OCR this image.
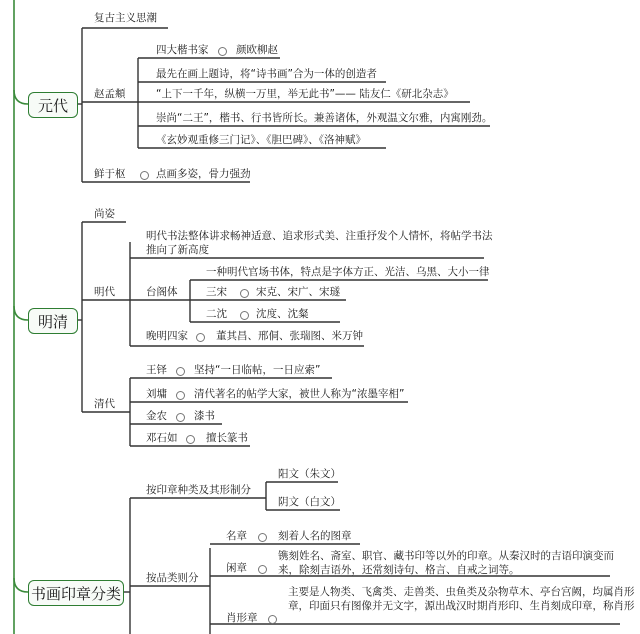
元代
复古主义思潮
赵孟頫
四大楷书家	颜欧柳赵
最先在画上题诗，将“诗书画”合为一体的创造者
“上下一千年，纵横一万里，举无此书”—— 陆友仁《研北杂志》
崇尚“二王”，楷书、行书皆所长。兼善诸体，外观温文尔雅，内寓刚劲。
《玄妙观重修三门记》、《胆巴碑》、《洛神赋》
鲜于枢	点画多姿，骨力强劲
明清
尚姿
明代
明代书法整体讲求畅神适意、追求形式美、注重抒发个人情怀，将帖学书法
推向了新高度
台阁体
一种明代官场书体，特点是字体方正、光洁、乌黑、大小一律
三宋	宋克、宋广、宋璲
二沈	沈度、沈粲
晚明四家	董其昌、邢侗、张瑞图、米万钟
清代
王铎	坚持“一日临帖，一日应索”
刘墉	清代著名的帖学大家，被世人称为“浓墨宰相”
金农	漆书
邓石如	擅长篆书
书画印章分类
按印章种类及其形制分
阳文（朱文）
阴文（白文）
按品类则分
名章	刻着人名的图章
闲章
镌刻姓名、斋室、职官、藏书印等以外的印章。从秦汉时的吉语印演变而
来，除刻吉语外，还常刻诗句、格言、自戒之词等。
肖形章
主要是人物类、飞禽类、走兽类、虫鱼类及杂物草木、亭台宫阙，均属肖形
章，印面只有图像并无文字，源出战汉时期肖形印、生肖刻成印章，称肖形
